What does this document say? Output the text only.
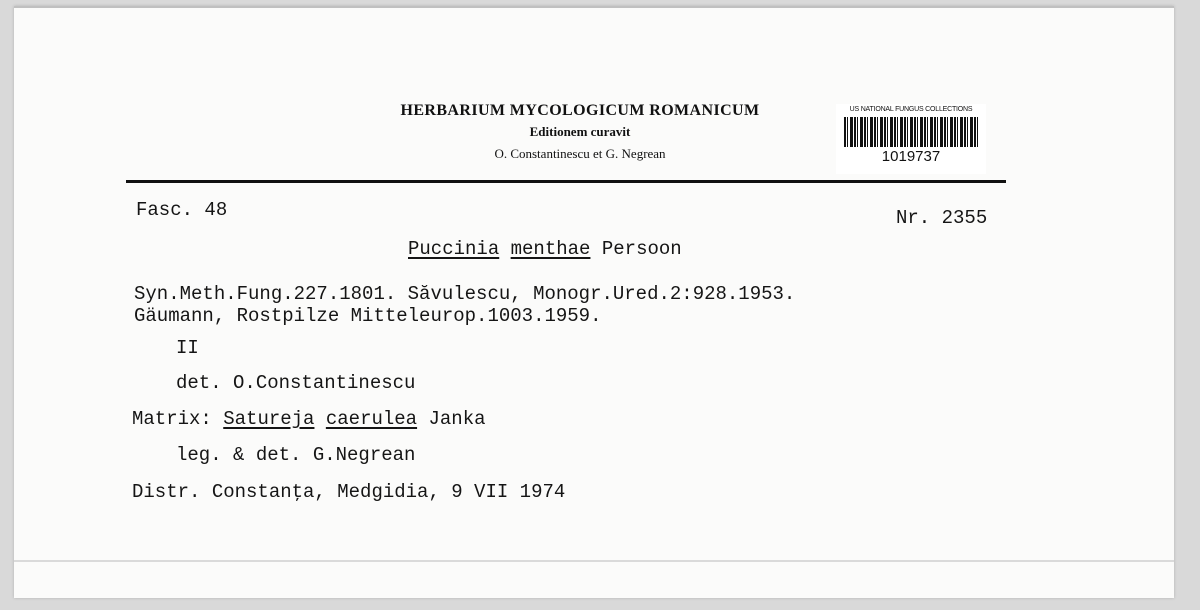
HERBARIUM MYCOLOGICUM ROMANICUM
Editionem curavit
O. Constantinescu et G. Negrean
US NATIONAL FUNGUS COLLECTIONS
1019737
Fasc. 48	Nr. 2355
Puccinia menthae Persoon
Syn.Meth.Fung.227.1801. Săvulescu, Monogr.Ured.2:928.1953.
Gäumann, Rostpilze Mitteleurop.1003.1959.
II
det. O.Constantinescu
Matrix: Satureja caerulea Janka
leg. & det. G.Negrean
Distr. Constanţa, Medgidia, 9 VII 1974
